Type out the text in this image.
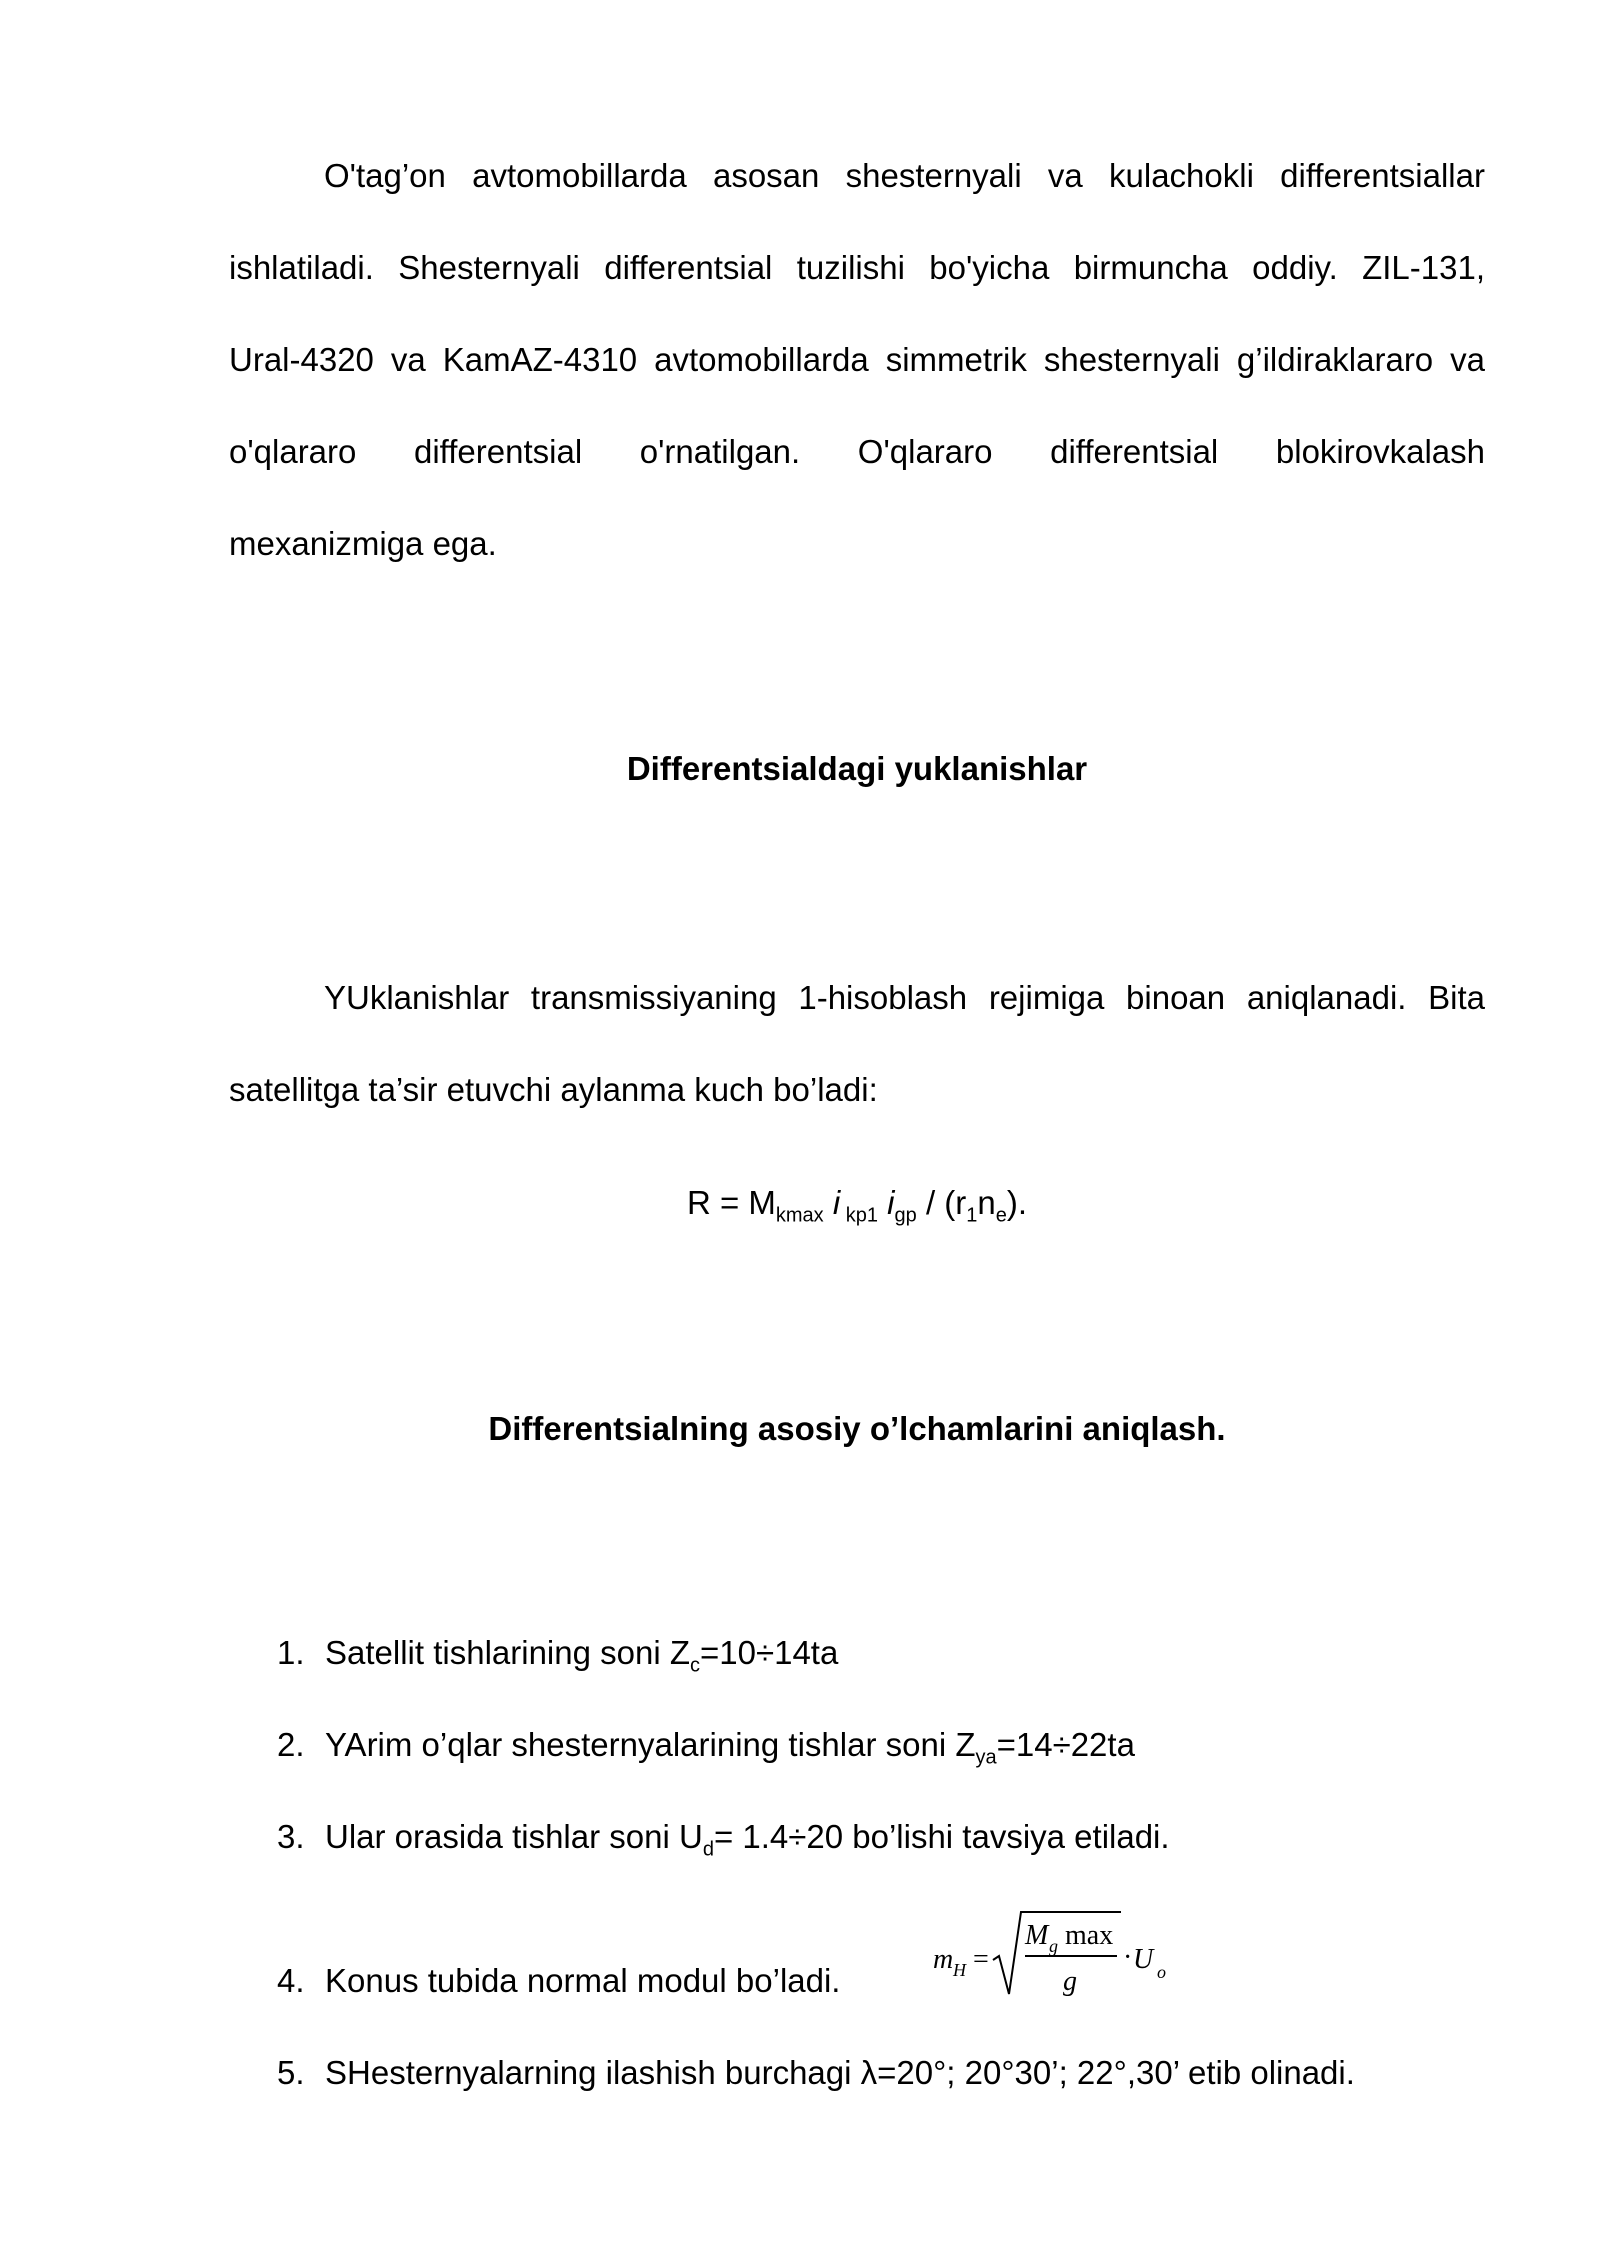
O'tag’on avtomobillarda asosan shesternyali va kulachokli differentsiallar
ishlatiladi. Shesternyali differentsial tuzilishi bo'yicha birmuncha oddiy. ZIL-131,
Ural-4320 va KamAZ-4310 avtomobillarda simmetrik shesternyali g’ildiraklararo va
o'qlararo differentsial o'rnatilgan. O'qlararo differentsial blokirovkalash
mexanizmiga ega.
Differentsialdagi yuklanishlar
YUklanishlar transmissiyaning 1-hisoblash rejimiga binoan aniqlanadi. Bita
satellitga ta’sir etuvchi aylanma kuch bo’ladi:
$R = M_{kmax}$ i $_{kp1}$ $i_{gp} / (r_1n_e)$.
Differentsialning asosiy o’lchamlarini aniqlash.
1. Satellit tishlarining soni $Z_c=10\div 14ta$
2. YArim o’qlar shesternyalarining tishlar soni $Z_{ya}=14\div 22ta$
3. Ular orasida tishlar soni $U_d= 1.4\div 20$ bo’lishi tavsiya etiladi.
4. Konus tubida normal modul bo’ladi.
5. SHesternyalarning ilashish burchagi λ=20°; 20°30’; 22°,30’ etib olinadi.
m H =
M g max
g
· U o
